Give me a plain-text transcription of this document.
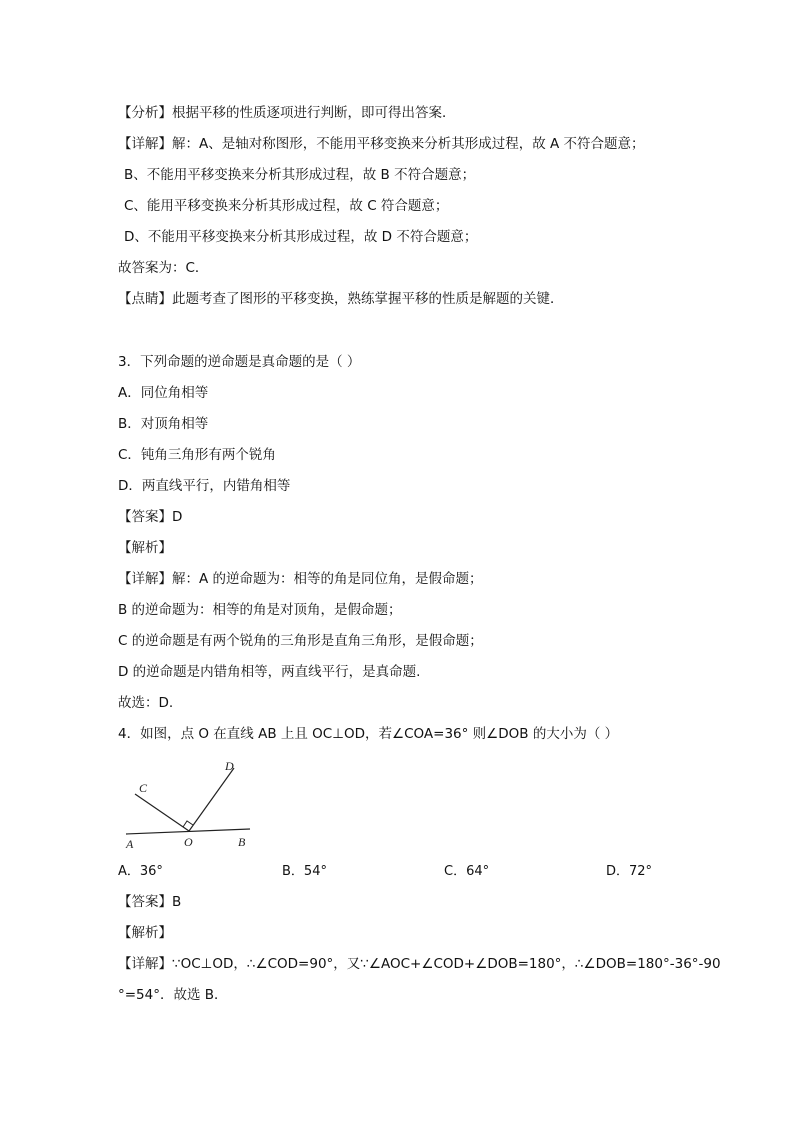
【分析】根据平移的性质逐项进行判断，即可得出答案．
【详解】解：A、是轴对称图形，不能用平移变换来分析其形成过程，故 A 不符合题意；
B、不能用平移变换来分析其形成过程，故 B 不符合题意；
C、能用平移变换来分析其形成过程，故 C 符合题意；
D、不能用平移变换来分析其形成过程，故 D 不符合题意；
故答案为：C．
【点睛】此题考查了图形的平移变换，熟练掌握平移的性质是解题的关键．
3．下列命题的逆命题是真命题的是（ ）
A．同位角相等
B．对顶角相等
C．钝角三角形有两个锐角
D．两直线平行，内错角相等
【答案】D
【解析】
【详解】解：A 的逆命题为：相等的角是同位角，是假命题；
B 的逆命题为：相等的角是对顶角，是假命题；
C 的逆命题是有两个锐角的三角形是直角三角形，是假命题；
D 的逆命题是内错角相等，两直线平行，是真命题.
故选：D.
4．如图，点 O 在直线 AB 上且 OC⊥OD，若∠COA=36° 则∠DOB 的大小为（ ）
A	O	B
C
D
A．36°	B．54°	C．64°	D．72°
【答案】B
【解析】
【详解】∵OC⊥OD，∴∠COD=90°，又∵∠AOC+∠COD+∠DOB=180°，∴∠DOB=180°-36°-90
°=54°．故选 B．
